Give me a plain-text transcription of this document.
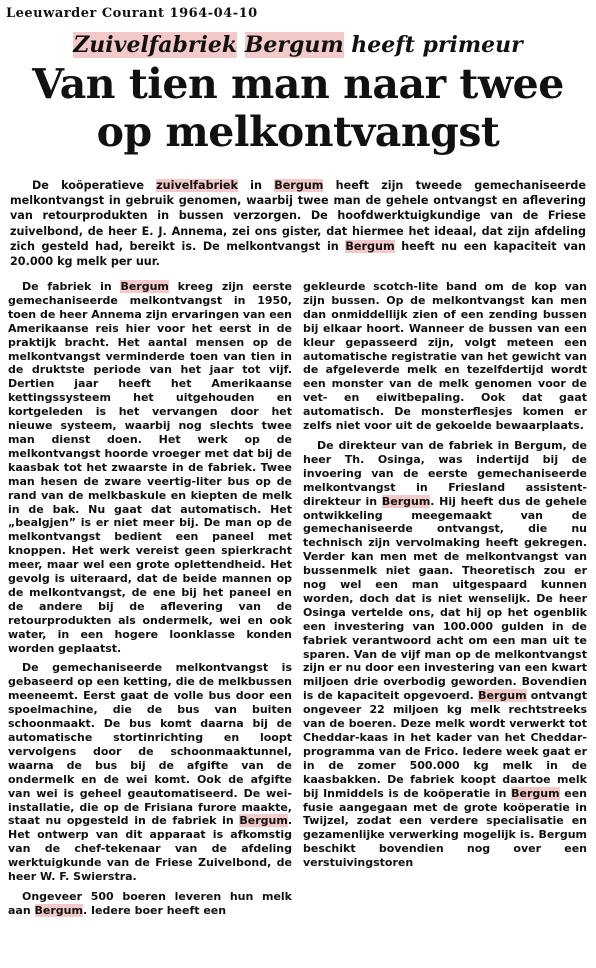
Leeuwarder Courant 1964-04-10
Zuivelfabriek Bergum heeft primeur
Van tien man naar twee
op melkontvangst
De koöperatieve zuivelfabriek in Bergum heeft zijn tweede gemechaniseerde melkontvangst in gebruik genomen, waarbij twee man de gehele ontvangst en aflevering van retourprodukten in bussen verzorgen. De hoofdwerktuigkundige van de Friese zuivelbond, de heer E. J. Annema, zei ons gister, dat hiermee het ideaal, dat zijn afdeling zich gesteld had, bereikt is. De melkontvangst in Bergum heeft nu een kapaciteit van 20.000 kg melk per uur.

De fabriek in Bergum kreeg zijn eerste gemechaniseerde melkontvangst in 1950, toen de heer Annema zijn ervaringen van een Amerikaanse reis hier voor het eerst in de praktijk bracht. Het aantal mensen op de melkontvangst verminderde toen van tien in de druktste periode van het jaar tot vijf. Dertien jaar heeft het Amerikaanse kettingssysteem het uitgehouden en kortgeleden is het vervangen door het nieuwe systeem, waarbij nog slechts twee man dienst doen. Het werk op de melkontvangst hoorde vroeger met dat bij de kaasbak tot het zwaarste in de fabriek. Twee man hesen de zware veertig-liter bus op de rand van de melkbaskule en kiepten de melk in de bak. Nu gaat dat automatisch. Het „bealgjen” is er niet meer bij. De man op de melkontvangst bedient een paneel met knoppen. Het werk vereist geen spierkracht meer, maar wel een grote oplettendheid. Het gevolg is uiteraard, dat de beide mannen op de melkontvangst, de ene bij het paneel en de andere bij de aflevering van de retourprodukten als ondermelk, wei en ook water, in een hogere loonklasse konden worden geplaatst.

De gemechaniseerde melkontvangst is gebaseerd op een ketting, die de melkbussen meeneemt. Eerst gaat de volle bus door een spoelmachine, die de bus van buiten schoonmaakt. De bus komt daarna bij de automatische stortinrichting en loopt vervolgens door de schoonmaaktunnel, waarna de bus bij de afgifte van de ondermelk en de wei komt. Ook de afgifte van wei is geheel geautomatiseerd. De wei-installatie, die op de Frisiana furore maakte, staat nu opgesteld in de fabriek in Bergum. Het ontwerp van dit apparaat is afkomstig van de chef-tekenaar van de afdeling werktuigkunde van de Friese Zuivelbond, de heer W. F. Swierstra.

Ongeveer 500 boeren leveren hun melk aan Bergum. Iedere boer heeft een

gekleurde scotch-lite band om de kop van zijn bussen. Op de melkontvangst kan men dan onmiddellijk zien of een zending bussen bij elkaar hoort. Wanneer de bussen van een kleur gepasseerd zijn, volgt meteen een automatische registratie van het gewicht van de afgeleverde melk en tezelfdertijd wordt een monster van de melk genomen voor de vet- en eiwitbepaling. Ook dat gaat automatisch. De monsterflesjes komen er zelfs niet voor uit de gekoelde bewaarplaats.

De direkteur van de fabriek in Bergum, de heer Th. Osinga, was indertijd bij de invoering van de eerste gemechaniseerde melkontvangst in Friesland assistent-direkteur in Bergum. Hij heeft dus de gehele ontwikkeling meegemaakt van de gemechaniseerde ontvangst, die nu technisch zijn vervolmaking heeft gekregen. Verder kan men met de melkontvangst van bussenmelk niet gaan. Theoretisch zou er nog wel een man uitgespaard kunnen worden, doch dat is niet wenselijk. De heer Osinga vertelde ons, dat hij op het ogenblik een investering van 100.000 gulden in de fabriek verantwoord acht om een man uit te sparen. Van de vijf man op de melkontvangst zijn er nu door een investering van een kwart miljoen drie overbodig geworden. Bovendien is de kapaciteit opgevoerd. Bergum ontvangt ongeveer 22 miljoen kg melk rechtstreeks van de boeren. Deze melk wordt verwerkt tot Cheddar-kaas in het kader van het Cheddar-programma van de Frico. Iedere week gaat er in de zomer 500.000 kg melk in de kaasbakken. De fabriek koopt daartoe melk bij Inmiddels is de koöperatie in Bergum een fusie aangegaan met de grote koöperatie in Twijzel, zodat een verdere specialisatie en gezamenlijke verwerking mogelijk is. Bergum beschikt bovendien nog over een verstuivingstoren
